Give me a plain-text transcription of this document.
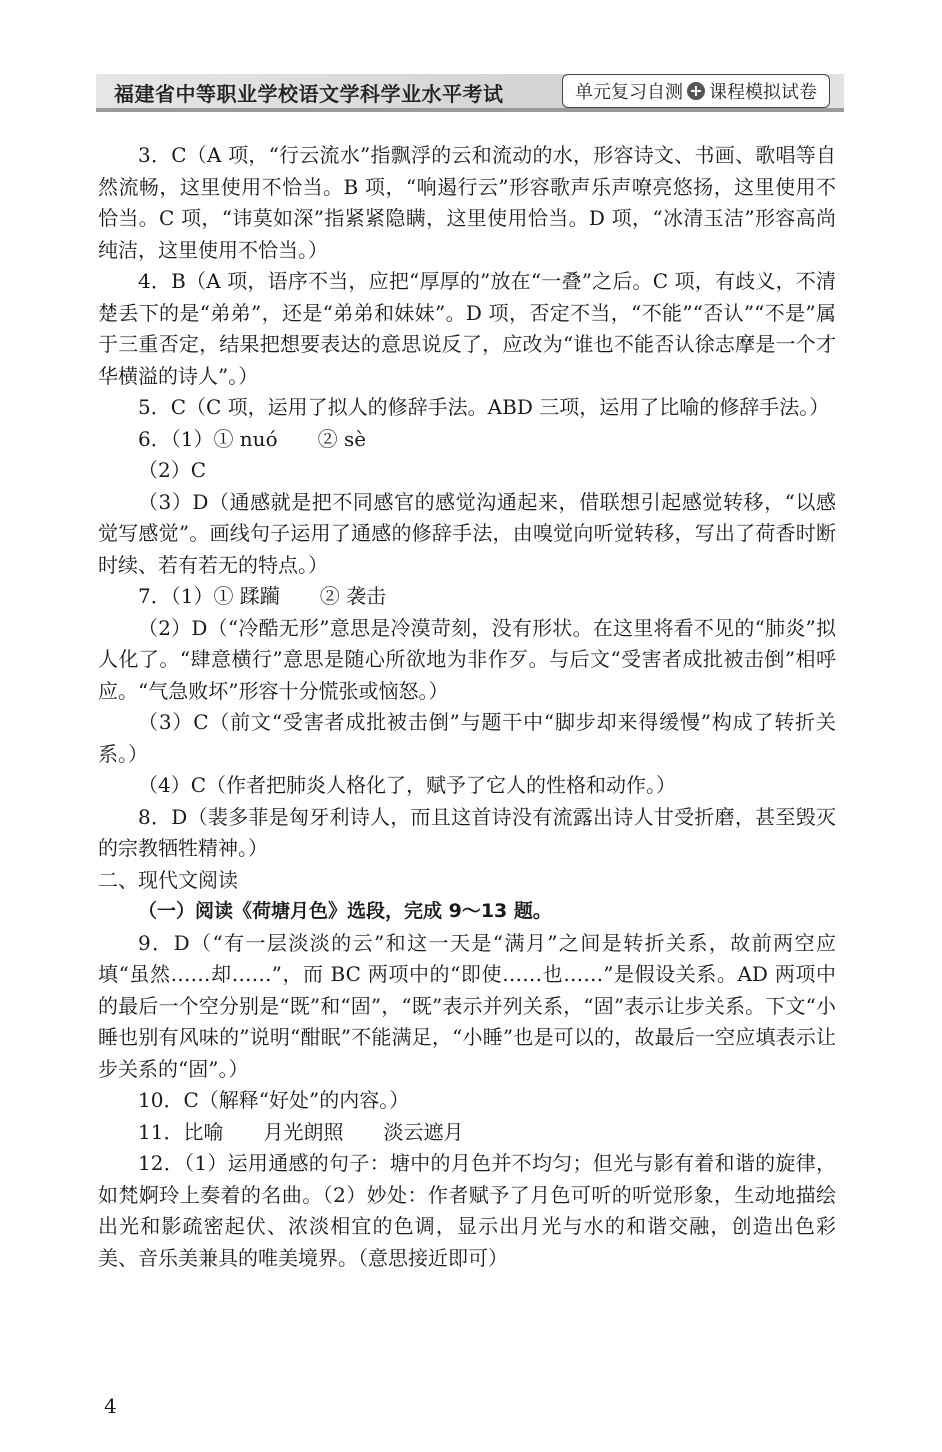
福建省中等职业学校语文学科学业水平考试	单元复习自测 + 课程模拟试卷

3．C（A 项，“行云流水”指飘浮的云和流动的水，形容诗文、书画、歌唱等自然流畅，这里使用不恰当。B 项，“响遏行云”形容歌声乐声嘹亮悠扬，这里使用不恰当。C 项，“讳莫如深”指紧紧隐瞒，这里使用恰当。D 项，“冰清玉洁”形容高尚纯洁，这里使用不恰当。）

4．B（A 项，语序不当，应把“厚厚的”放在“一叠”之后。C 项，有歧义，不清楚丢下的是“弟弟”，还是“弟弟和妹妹”。D 项，否定不当，“不能”“否认”“不是”属于三重否定，结果把想要表达的意思说反了，应改为“谁也不能否认徐志摩是一个才华横溢的诗人”。）

5．C（C 项，运用了拟人的修辞手法。ABD 三项，运用了比喻的修辞手法。）

6．（1）① nuó　　② sè

（2）C

（3）D（通感就是把不同感官的感觉沟通起来，借联想引起感觉转移，“以感觉写感觉”。画线句子运用了通感的修辞手法，由嗅觉向听觉转移，写出了荷香时断时续、若有若无的特点。）

7．（1）① 蹂躏　　② 袭击

（2）D（“冷酷无形”意思是冷漠苛刻，没有形状。在这里将看不见的“肺炎”拟人化了。“肆意横行”意思是随心所欲地为非作歹。与后文“受害者成批被击倒”相呼应。“气急败坏”形容十分慌张或恼怒。）

（3）C（前文“受害者成批被击倒”与题干中“脚步却来得缓慢”构成了转折关系。）

（4）C（作者把肺炎人格化了，赋予了它人的性格和动作。）

8．D（裴多菲是匈牙利诗人，而且这首诗没有流露出诗人甘受折磨，甚至毁灭的宗教牺牲精神。）

二、现代文阅读

（一）阅读《荷塘月色》选段，完成 9～13 题。

9．D（“有一层淡淡的云”和这一天是“满月”之间是转折关系，故前两空应填“虽然……却……”，而 BC 两项中的“即使……也……”是假设关系。AD 两项中的最后一个空分别是“既”和“固”，“既”表示并列关系，“固”表示让步关系。下文“小睡也别有风味的”说明“酣眠”不能满足，“小睡”也是可以的，故最后一空应填表示让步关系的“固”。）

10．C（解释“好处”的内容。）

11．比喻　　月光朗照　　淡云遮月

12．（1）运用通感的句子：塘中的月色并不均匀；但光与影有着和谐的旋律，如梵婀玲上奏着的名曲。（2）妙处：作者赋予了月色可听的听觉形象，生动地描绘出光和影疏密起伏、浓淡相宜的色调，显示出月光与水的和谐交融，创造出色彩美、音乐美兼具的唯美境界。（意思接近即可）

4
